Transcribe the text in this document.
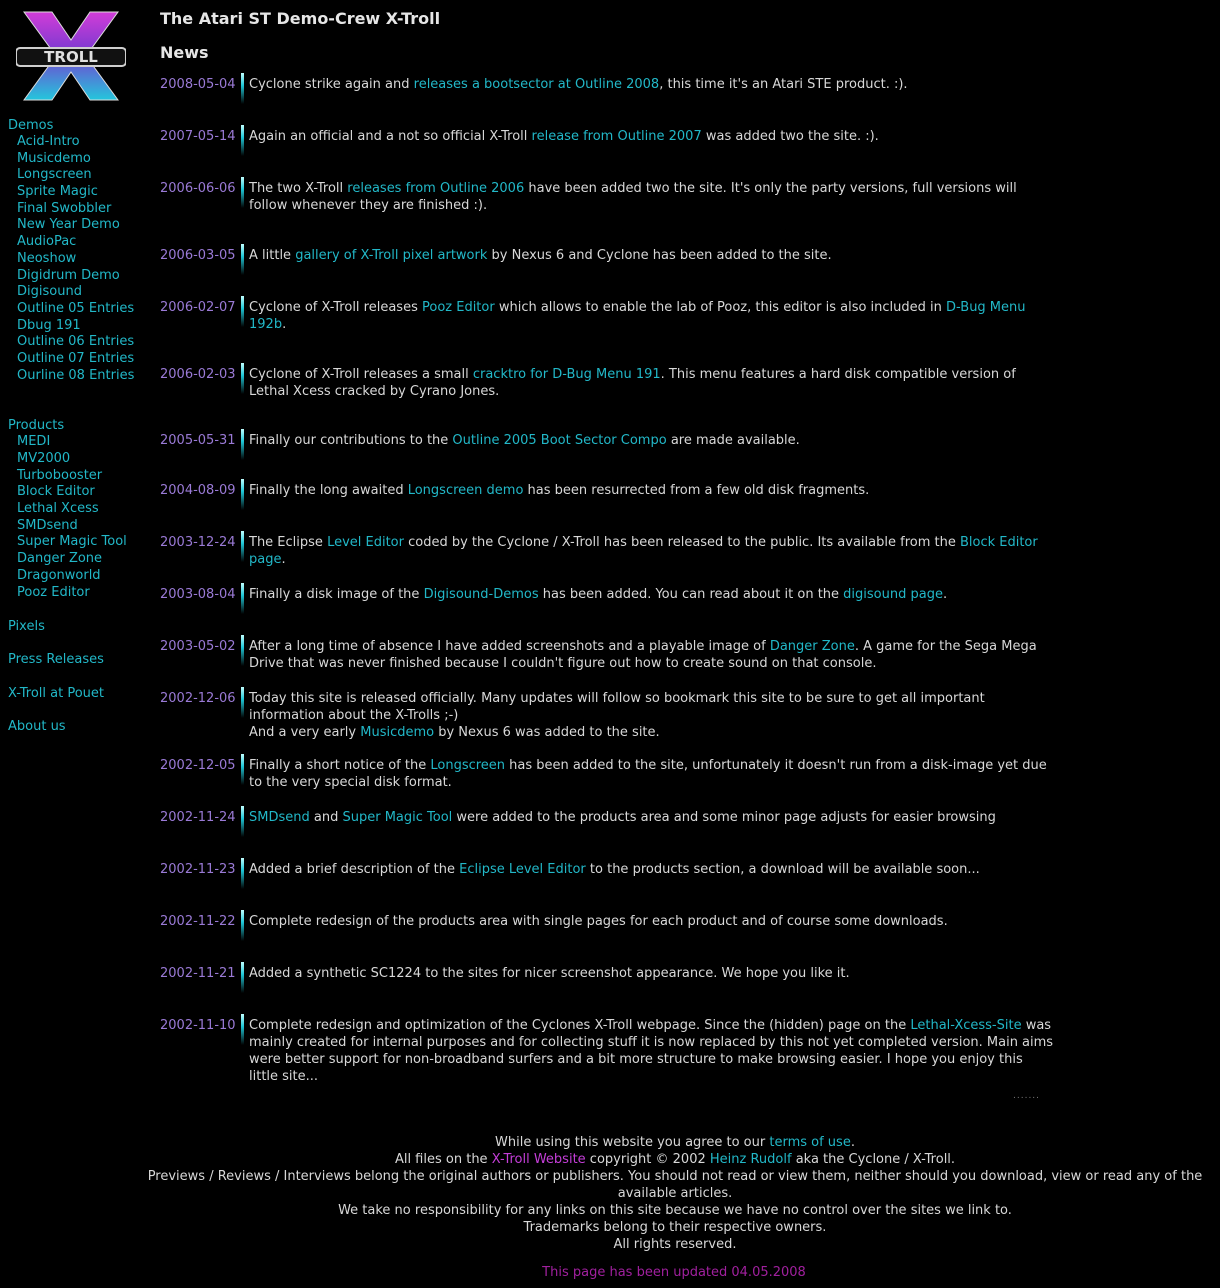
TROLL
Demos
Acid-Intro
Musicdemo
Longscreen
Sprite Magic
Final Swobbler
New Year Demo
AudioPac
Neoshow
Digidrum Demo
Digisound
Outline 05 Entries
Dbug 191
Outline 06 Entries
Outline 07 Entries
Ourline 08 Entries
Products
MEDI
MV2000
Turbobooster
Block Editor
Lethal Xcess
SMDsend
Super Magic Tool
Danger Zone
Dragonworld
Pooz Editor
Pixels
Press Releases
X-Troll at Pouet
About us
The Atari ST Demo-Crew X-Troll
News
2008-05-04	Cyclone strike again and releases a bootsector at Outline 2008, this time it's an Atari STE product. :).
2007-05-14	Again an official and a not so official X-Troll release from Outline 2007 was added two the site. :).
2006-06-06	The two X-Troll releases from Outline 2006 have been added two the site. It's only the party versions, full versions will follow whenever they are finished :).
2006-03-05	A little gallery of X-Troll pixel artwork by Nexus 6 and Cyclone has been added to the site.
2006-02-07	Cyclone of X-Troll releases Pooz Editor which allows to enable the lab of Pooz, this editor is also included in D-Bug Menu 192b.
2006-02-03	Cyclone of X-Troll releases a small cracktro for D-Bug Menu 191. This menu features a hard disk compatible version of Lethal Xcess cracked by Cyrano Jones.
2005-05-31	Finally our contributions to the Outline 2005 Boot Sector Compo are made available.
2004-08-09	Finally the long awaited Longscreen demo has been resurrected from a few old disk fragments.
2003-12-24	The Eclipse Level Editor coded by the Cyclone / X-Troll has been released to the public. Its available from the Block Editor page.
2003-08-04	Finally a disk image of the Digisound-Demos has been added. You can read about it on the digisound page.
2003-05-02	After a long time of absence I have added screenshots and a playable image of Danger Zone. A game for the Sega Mega Drive that was never finished because I couldn't figure out how to create sound on that console.
2002-12-06	Today this site is released officially. Many updates will follow so bookmark this site to be sure to get all important information about the X-Trolls ;-)
And a very early Musicdemo by Nexus 6 was added to the site.
2002-12-05	Finally a short notice of the Longscreen has been added to the site, unfortunately it doesn't run from a disk-image yet due to the very special disk format.
2002-11-24	SMDsend and Super Magic Tool were added to the products area and some minor page adjusts for easier browsing
2002-11-23	Added a brief description of the Eclipse Level Editor to the products section, a download will be available soon...
2002-11-22	Complete redesign of the products area with single pages for each product and of course some downloads.
2002-11-21	Added a synthetic SC1224 to the sites for nicer screenshot appearance. We hope you like it.
2002-11-10	Complete redesign and optimization of the Cyclones X-Troll webpage. Since the (hidden) page on the Lethal-Xcess-Site was mainly created for internal purposes and for collecting stuff it is now replaced by this not yet completed version. Main aims were better support for non-broadband surfers and a bit more structure to make browsing easier. I hope you enjoy this little site...
.......

While using this website you agree to our terms of use.

All files on the X-Troll Website copyright © 2002 Heinz Rudolf aka the Cyclone / X-Troll.

Previews / Reviews / Interviews belong the original authors or publishers. You should not read or view them, neither should you download, view or read any of the available articles.

We take no responsibility for any links on this site because we have no control over the sites we link to.

Trademarks belong to their respective owners.

All rights reserved.

This page has been updated 04.05.2008
